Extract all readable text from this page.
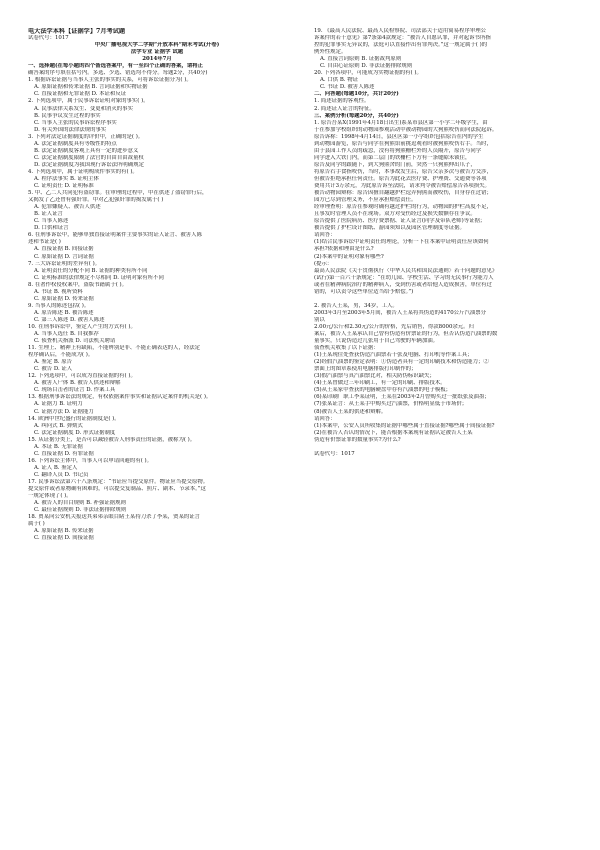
电大法学本科【证据学】7月考试题
试卷代号：1017
中央广播电视大学二学期“开放本科”期末考试(开卷)
法学专业 证据学 试题
2014年7月
一、选择题(在每小题的四个备选答案中，有一至四个正确的答案，请将正
确答案的序号填在括号内。多选、少选、错选均不得分。每题2分，共40分)
1. 根据诉讼证据与当事人主张的事实的关系，可将诉讼证据分为( )。
A. 原始证据和传来证据 B. 言词证据和实物证据
C. 直接证据和无罪证据 D. 本证和反证
2. 下列选项中，属于民事诉讼证明对象的事实( )。
A. 民事法律关系发生、变更和消灭的事实
B. 民事争议发生过程的事实
C. 当事人主张的民事诉讼程序事实
D. 有关外国的法律法规的事实
3. 下列对法定证据制度的评价中，正确的是( )。
A. 法定证据制度具有等级性的特点
B. 法定证据制度客观上具有一定的进步意义
C. 法定证据制度限制了法官的自由自由裁量权
D. 法定证据制度为我国现行诉讼法所明确规定
4. 下列选项中，属于证明构成件事实的有( )。
A. 程序法事实 B. 证明主体
C. 证明责任 D. 证明标准
5. 甲、乙二人共同犯有盗窃罪。在审理的过程中，甲在供述了盗窃罪行后，
又揭发了乙还曾有强奸罪。甲对乙犯强奸罪的揭发属于( )
A. 犯罪嫌疑人、被告人供述
B. 证人证言
C. 当事人陈述
D. 口供和证言
6. 在刑事诉讼中，能够单独直接证明案件主要事实的证人证言、被害人陈
述和书证是( )
A. 直接证据 B. 间接证据
C. 原始证据 D. 言词证据
7. 三大诉讼证明的差异有( )。
A. 证明责任的分配不同 B. 证据的种类有所不同
C. 证明标准的法律规定不尽相同 D. 证明对象有所不同
8. 在著作权侵权案中，盗版书籍属于( )。
A. 书证 B. 视听资料
C. 原始证据 D. 传来证据
9. 当事人的陈述包括( )。
A. 原告陈述 B. 被告陈述
C. 第三人陈述 D. 被害人陈述
10. 在刑事诉讼中，鉴定人产生的方式有( )。
A. 当事人选任 B. 自我推荐
C. 侦查机关指派 D. 司法机关聘请
11. 生理上、精神上有缺陷，不能辨别是非、不能正确表达的人，经法定
程序确认后，不能成为( )。
A. 鉴定 B. 原告
C. 被告 D. 证人
12. 下列选项中，可以成为直接证据的有( )。
A. 被害人尸体 B. 被告人供述和辩解
C. 现场目击者的证言 D. 作案工具
13. 根据刑事诉讼法的规定，有权依据案件事实和证据认定案件的机关是( )。
A. 证据力 B. 证明力
C. 证据方法 D. 证据能力
14. 欧洲中世纪盛行的证据制度是( )。
A. 纠问式 B. 弹劾式
C. 法定证据制度 D. 形式证据制度
15. 从证据分类上，是否可以减轻被告人刑事责任的证据，被称为( )。
A. 本证 B. 无罪证据
C. 直接证据 D. 有罪证据
16. 下列诉讼主体中，当事人可以申请回避的有( )。
A. 证人 B. 鉴定人
C. 翻译人员 D. 书记员
17. 民事诉讼法第六十八条规定：“书证应当提交原件。物证应当提交原物。
提交原件或者原物确有困难的，可以提交复制品、照片、副本、节录本。”这
一规定体现了( )。
A. 被告人的自白规则 B. 补强证据规则
C. 最佳证据规则 D. 非法证据排除规则
18. 贾某向公安机关报送其弟弟亲眼目睹王某持刀杀了李某，贾某的证言
属于( )
A. 原始证据 B. 传来证据
C. 直接证据 D. 间接证据
19. 《最高人民法院、最高人民检察院、司法部关于适用简易程序审理公
诉案件的若干意见》第7条第4款规定：“被告人自愿认罪，并对起诉书所指
控的犯罪事实无异议的，法庭可以直接作出有罪判决。”这一规定属于( )的
例外性规定。
A. 直接言词原则 B. 证据裁判原则
C. 自由心证原则 D. 非法证据排除规则
20. 下列各项中，可能成为实物证据的有( )。
A. 口供 B. 物证
C. 书证 D. 被害人陈述
二、问答题(每题10分，共计20分)
1. 简述证据的客观性。
2. 简述证人证言的特征。
三、案例分析(每题20分，共40分)
1. 原告吾某X(1991年4月18日出生)系某市县区第一小学二年级学生，由
于在参加学校组织的动物园参观活动中被动物园的大狗熊咬伤而向法院起诉。
原告诉称：1998年4月14日，县区区第一小学组织包括原告在内的学生
到动物园游览，原告与同学在狗熊馆前挑逗观看时被狗熊咬伤右手。当时，
由于县园工作人员的疏忽，没有将狗熊栅栏外的人员隔开，原告与同学
同学进入大铁门内，而第二层门的铁栅栏下方有一条缝隙未锁住，
原告及同学的跟随下，到大狗熊舍的门前，突然一只狗熊伸出爪子，
将原告右手食指咬伤，当时，本事故发生后，原告父亲多次与被告方交涉，
但被告拒绝承担任何责任。原告为此花去医疗费、护理费、交通费等各项
费用共计3万余元，为此原告诉至法院，请求判令被告赔偿原告各项损失。
被告动物园辩称：原告因擅自翻越护栏逗弄狗熊而被咬伤，自身存在过错；
园方已尽到管理义务，不应承担赔偿责任。
经审理查明：原告在参观时确有越过护栏的行为，动物园的护栏高度不足，
且事发时管理人员不在现场。双方对受伤经过及损失数额存在争议。
原告提供了医院病历、医疗费票据、证人证言(同学及带队老师)等证据；
被告提供了护栏设计图纸、游园须知以及园区管理制度等证据。
请回答：
(1)结合民事诉讼中证明责任的理论，分析一下在本案中证明责任应该如何
承担?依据和理由是什么?
(2)本案中的证明对象有哪些?
(提示：
最高人民法院《关于贯彻执行〈中华人民共和国民法通则〉若干问题的意见》
(试行)第一百六十条规定：“在幼儿园、学校生活、学习的无民事行为能力人
或者在精神病院治疗的精神病人，受到伤害或者给他人造成损害，单位有过
错的，可以责令这些单位适当给予赔偿。”)

2. 被告人王某，男，34岁，工人。
2003年3月至2003年5月间，被告人王某将其伪造的4170公斤汽油票分
别以
2.00元/公斤和2.30元/公斤的价格，先后销售，得款8000余元。归
案后，被告人王某承认自己曾有伪造有价票证的行为，但否认伪造汽油票的数
量事实，只说伪造过几张用于自己驾驶的车辆加油。
侦查机关收集了以下证据：
(1)王某现住处查获伪造汽油票若干张及电脑、打印机等作案工具；
(2)经假汽油票的鉴定表明：①伪造者具有一定的印刷技术和伪造能力；②
票面上的图章系使用电脑排版打印制作的；
(3)假汽油票与真汽油票比对，相关防伪标识缺失；
(4)王某曾做过三年印刷工，有一定的印刷、排版技术。
(5)从王某家中查获的电脑硬盘中存有汽油票的电子模板；
(6)某印刷厂职工李某证明，王某在2003年2月曾购买过一批纸张及油墨；
(7)张某证言：从王某手中购买过汽油票，价格明显低于市场价；
(8)被告人王某的供述和辩解。
请回答：
(1)本案中，公安人员所收集的证据中哪些属于直接证据?哪些属于间接证据?
(2)在被告人否认的情况下，能否根据本案现有证据认定被告人王某
伪造有价票证罪的数量事实?为什么?

试卷代号：1017
